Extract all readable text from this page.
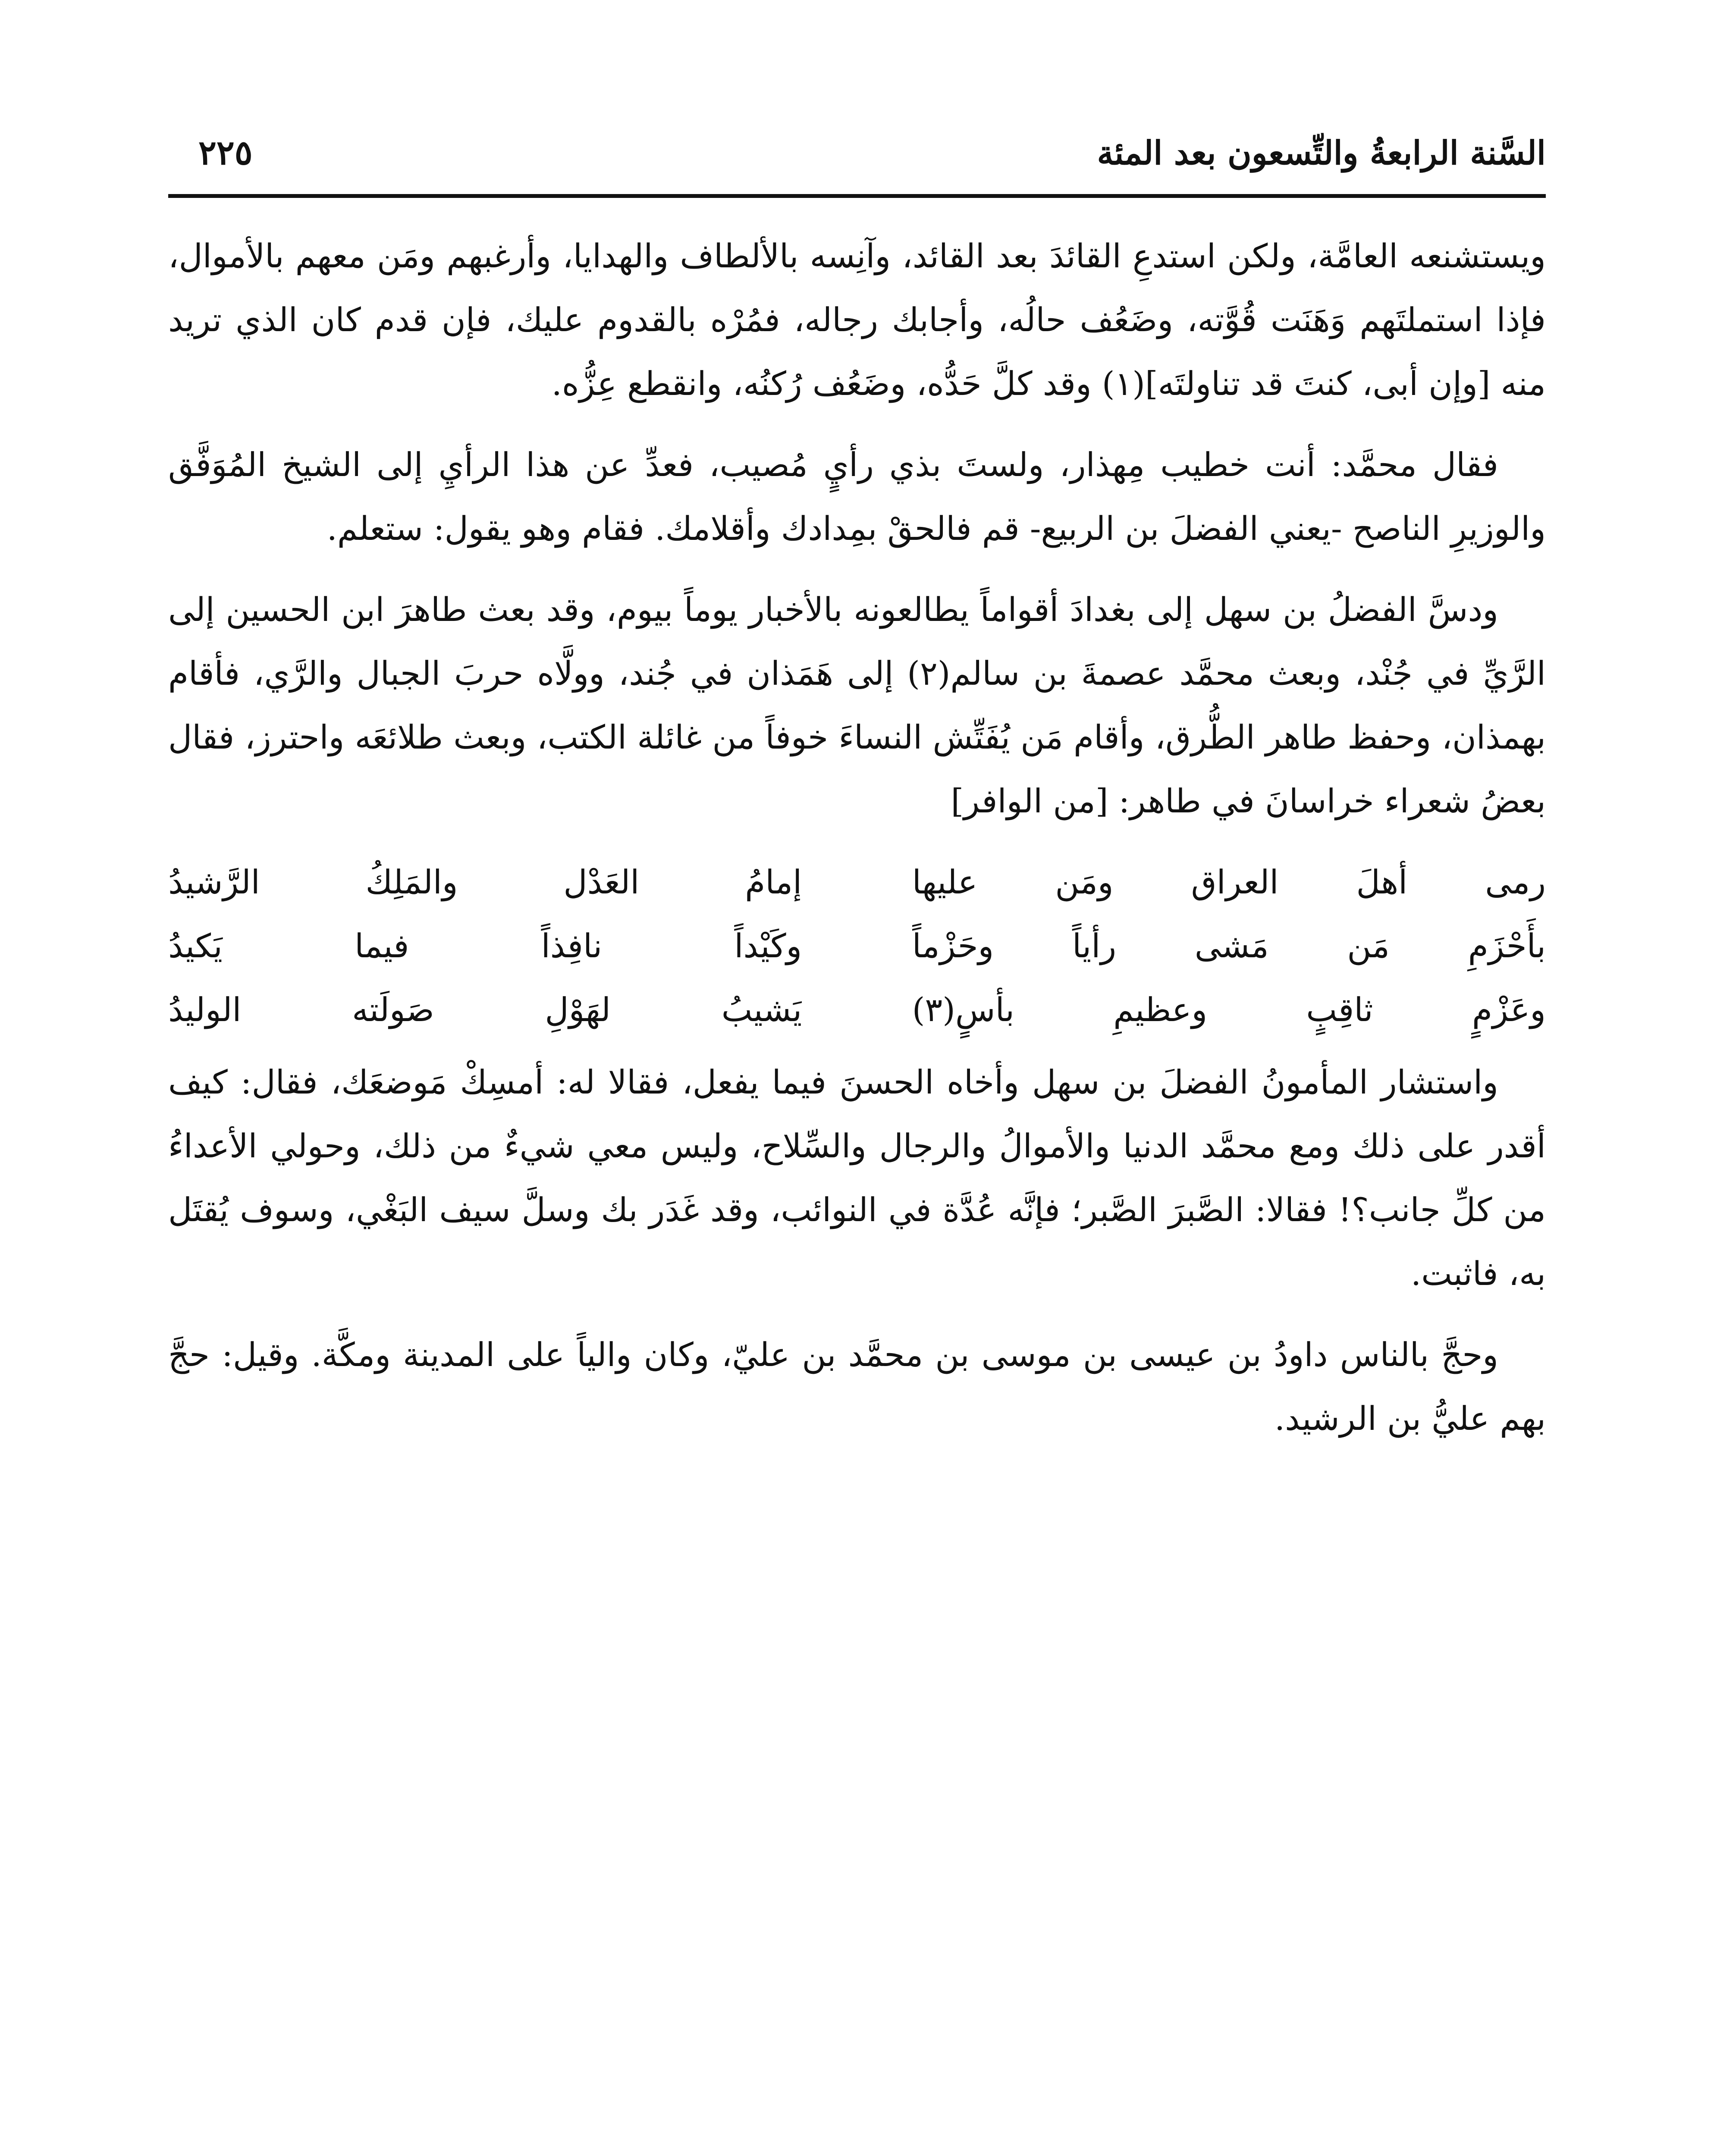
السَّنة الرابعةُ والتِّسعون بعد المئة
٢٢٥

ويستشنعه العامَّة، ولكن استدعِ القائدَ بعد القائد، وآنِسه بالألطاف والهدايا، وأرغبهم ومَن معهم بالأموال، فإذا استملتَهم وَهَنَت قُوَّته، وضَعُف حالُه، وأجابك رجاله، فمُرْه بالقدوم عليك، فإن قدم كان الذي تريد منه [وإن أبى، كنتَ قد تناولتَه](١) وقد كلَّ حَدُّه، وضَعُف رُكنُه، وانقطع عِزُّه.

فقال محمَّد: أنت خطيب مِهذار، ولستَ بذي رأيٍ مُصيب، فعدِّ عن هذا الرأيِ إلى الشيخ المُوَفَّق والوزيرِ الناصح -يعني الفضلَ بن الربيع- قم فالحقْ بمِدادك وأقلامك. فقام وهو يقول: ستعلم.

ودسَّ الفضلُ بن سهل إلى بغدادَ أقواماً يطالعونه بالأخبار يوماً بيوم، وقد بعث طاهرَ ابن الحسين إلى الرَّيِّ في جُنْد، وبعث محمَّد عصمةَ بن سالم(٢) إلى هَمَذان في جُند، وولَّاه حربَ الجبال والرَّي، فأقام بهمذان، وحفظ طاهر الطُّرق، وأقام مَن يُفَتِّش النساءَ خوفاً من غائلة الكتب، وبعث طلائعَه واحترز، فقال بعضُ شعراء خراسانَ في طاهر: [من الوافر]

رمى أهلَ العراق ومَن عليها
إمامُ العَدْل والمَلِكُ الرَّشيدُ
بأَحْزَمِ مَن مَشى رأياً وحَزْماً
وكَيْداً نافِذاً فيما يَكيدُ
وعَزْمٍ ثاقِبٍ وعظيمِ بأسٍ(٣)
يَشيبُ لهَوْلِ صَولَته الوليدُ

واستشار المأمونُ الفضلَ بن سهل وأخاه الحسنَ فيما يفعل، فقالا له: أمسِكْ مَوضعَك، فقال: كيف أقدر على ذلك ومع محمَّد الدنيا والأموالُ والرجال والسِّلاح، وليس معي شيءٌ من ذلك، وحولي الأعداءُ من كلِّ جانب؟! فقالا: الصَّبرَ الصَّبر؛ فإنَّه عُدَّة في النوائب، وقد غَدَر بك وسلَّ سيف البَغْي، وسوف يُقتَل به، فاثبت.

وحجَّ بالناس داودُ بن عيسى بن موسى بن محمَّد بن عليّ، وكان والياً على المدينة ومكَّة. وقيل: حجَّ بهم عليُّ بن الرشيد.
